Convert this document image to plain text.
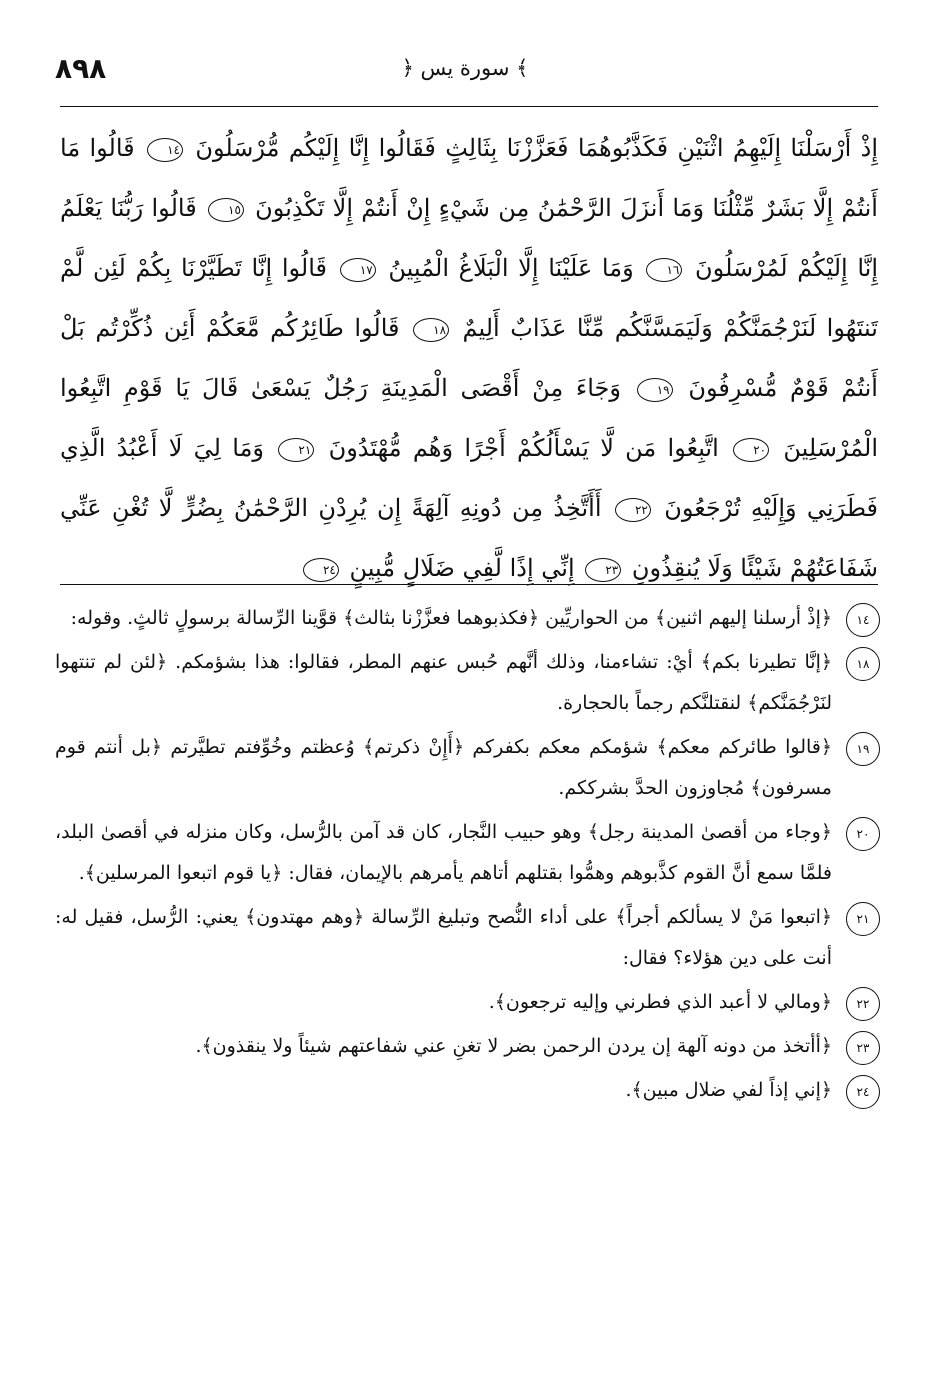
٨٩٨	﴿ سورة يس ﴾
إِذْ أَرْسَلْنَا إِلَيْهِمُ اثْنَيْنِ فَكَذَّبُوهُمَا فَعَزَّزْنَا بِثَالِثٍ فَقَالُوا إِنَّا إِلَيْكُم مُّرْسَلُونَ ١٤ قَالُوا مَا أَنتُمْ إِلَّا بَشَرٌ مِّثْلُنَا وَمَا أَنزَلَ الرَّحْمَٰنُ مِن شَيْءٍ إِنْ أَنتُمْ إِلَّا تَكْذِبُونَ ١٥ قَالُوا رَبُّنَا يَعْلَمُ إِنَّا إِلَيْكُمْ لَمُرْسَلُونَ ١٦ وَمَا عَلَيْنَا إِلَّا الْبَلَاغُ الْمُبِينُ ١٧ قَالُوا إِنَّا تَطَيَّرْنَا بِكُمْ لَئِن لَّمْ تَنتَهُوا لَنَرْجُمَنَّكُمْ وَلَيَمَسَّنَّكُم مِّنَّا عَذَابٌ أَلِيمٌ ١٨ قَالُوا طَائِرُكُم مَّعَكُمْ أَئِن ذُكِّرْتُم بَلْ أَنتُمْ قَوْمٌ مُّسْرِفُونَ ١٩ وَجَاءَ مِنْ أَقْصَى الْمَدِينَةِ رَجُلٌ يَسْعَىٰ قَالَ يَا قَوْمِ اتَّبِعُوا الْمُرْسَلِينَ ٢٠ اتَّبِعُوا مَن لَّا يَسْأَلُكُمْ أَجْرًا وَهُم مُّهْتَدُونَ ٢١ وَمَا لِيَ لَا أَعْبُدُ الَّذِي فَطَرَنِي وَإِلَيْهِ تُرْجَعُونَ ٢٢ أَأَتَّخِذُ مِن دُونِهِ آلِهَةً إِن يُرِدْنِ الرَّحْمَٰنُ بِضُرٍّ لَّا تُغْنِ عَنِّي شَفَاعَتُهُمْ شَيْئًا وَلَا يُنقِذُونِ ٢٣ إِنِّي إِذًا لَّفِي ضَلَالٍ مُّبِينٍ ٢٤
١٤
﴿إذْ أرسلنا إليهم اثنين﴾ من الحواريِّين ﴿فكذبوهما فعزَّزْنا بثالث﴾ قوَّينا الرِّسالة برسولٍ ثالثٍ. وقوله:
١٨
﴿إنَّا تطيرنا بكم﴾ أيْ: تشاءمنا، وذلك أنَّهم حُبس عنهم المطر، فقالوا: هذا بشؤمكم. ﴿لئن لم تنتهوا لنَرْجُمَنَّكم﴾ لنقتلنَّكم رجماً بالحجارة.
١٩
﴿قالوا طائركم معكم﴾ شؤمكم معكم بكفركم ﴿أَإِنْ ذكرتم﴾ وُعظتم وخُوِّفتم تطيَّرتم ﴿بل أنتم قوم مسرفون﴾ مُجاوزون الحدَّ بشرككم.
٢٠
﴿وجاء من أقصىٰ المدينة رجل﴾ وهو حبيب النَّجار، كان قد آمن بالرُّسل، وكان منزله في أقصىٰ البلد، فلمَّا سمع أنَّ القوم كذَّبوهم وهمُّوا بقتلهم أتاهم يأمرهم بالإيمان، فقال: ﴿يا قوم اتبعوا المرسلين﴾.
٢١
﴿اتبعوا مَنْ لا يسألكم أجراً﴾ على أداء النُّصح وتبليغ الرِّسالة ﴿وهم مهتدون﴾ يعني: الرُّسل، فقيل له: أنت على دين هؤلاء؟ فقال:
٢٢
﴿ومالي لا أعبد الذي فطرني وإليه ترجعون﴾.
٢٣
﴿أأتخذ من دونه آلهة إن يردن الرحمن بضر لا تغنِ عني شفاعتهم شيئاً ولا ينقذون﴾.
٢٤
﴿إني إذاً لفي ضلال مبين﴾.
